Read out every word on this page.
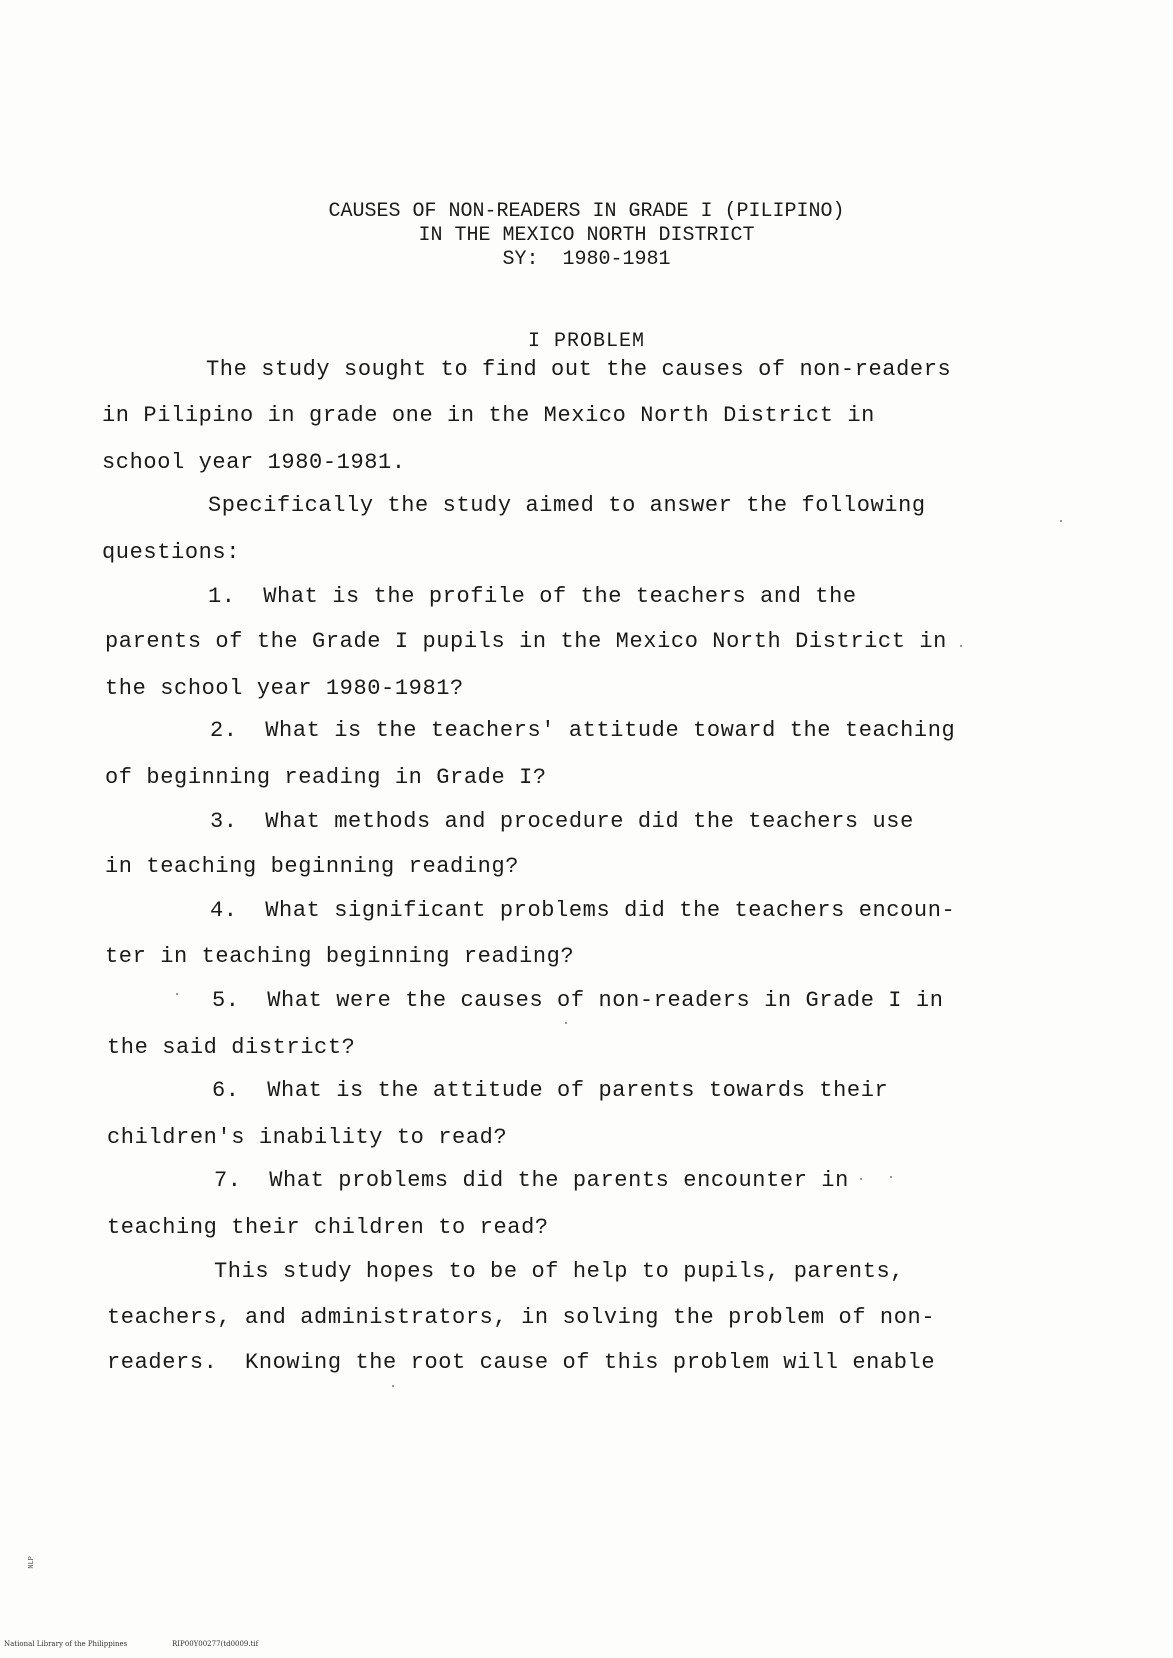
CAUSES OF NON-READERS IN GRADE I (PILIPINO)
IN THE MEXICO NORTH DISTRICT
SY:  1980-1981
I PROBLEM
The study sought to find out the causes of non-readers
in Pilipino in grade one in the Mexico North District in
school year 1980-1981.
Specifically the study aimed to answer the following
questions:
1.  What is the profile of the teachers and the
parents of the Grade I pupils in the Mexico North District in
the school year 1980-1981?
2.  What is the teachers' attitude toward the teaching
of beginning reading in Grade I?
3.  What methods and procedure did the teachers use
in teaching beginning reading?
4.  What significant problems did the teachers encoun-
ter in teaching beginning reading?
5.  What were the causes of non-readers in Grade I in
the said district?
6.  What is the attitude of parents towards their
children's inability to read?
7.  What problems did the parents encounter in
teaching their children to read?
This study hopes to be of help to pupils, parents,
teachers, and administrators, in solving the problem of non-
readers.  Knowing the root cause of this problem will enable
NLP
National Library of the Philippines	RIP00Y00277(td0009.tif
